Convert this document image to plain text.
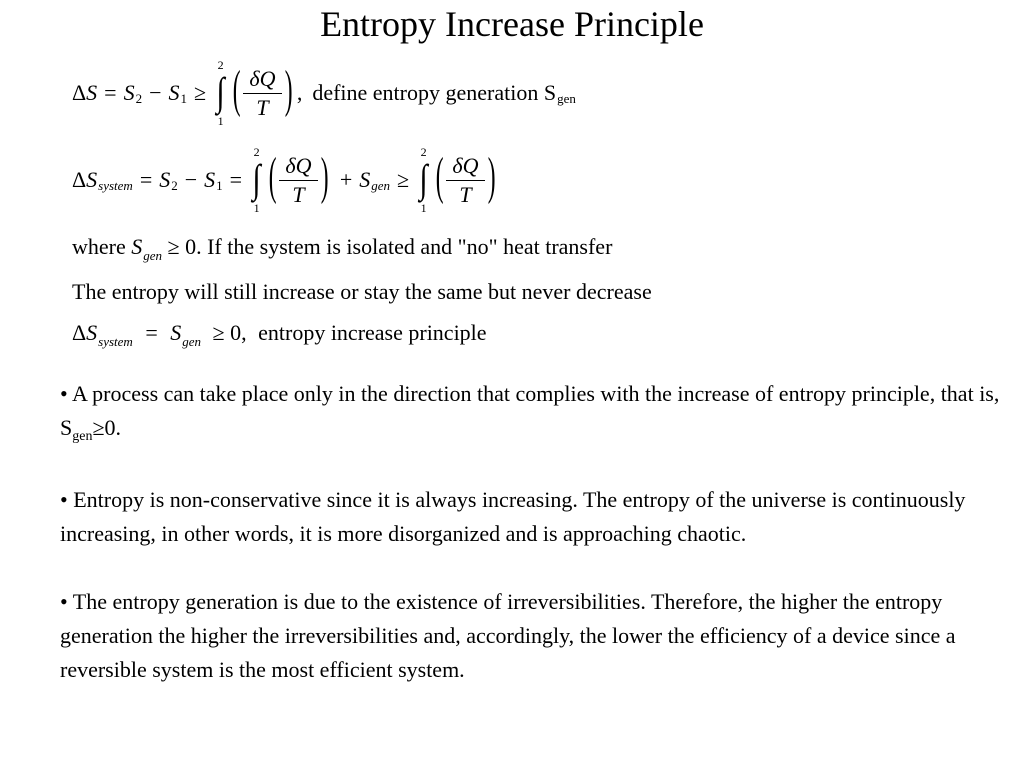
Entropy Increase Principle
Δ S = S 2 − S 1 ≥
2
∫
1
( $\frac{\delta Q}{T}$ ) , define entropy generation S gen
Δ S system = S 2 − S 1 =
2
∫
1
( $\frac{\delta Q}{T}$ ) + S gen ≥
2
∫
1
( $\frac{\delta Q}{T}$ )
where $S_{gen} \ge 0$. If the system is isolated and "no" heat transfer
The entropy will still increase or stay the same but never decrease
$\Delta S_{system} = S_{gen} \ge 0$, entropy increase principle

• A process can take place only in the direction that complies with the increase of entropy principle, that is, $S_{gen}\ge 0$.

• Entropy is non-conservative since it is always increasing. The entropy of the universe is continuously increasing, in other words, it is more disorganized and is approaching chaotic.

• The entropy generation is due to the existence of irreversibilities. Therefore, the higher the entropy generation the higher the irreversibilities and, accordingly, the lower the efficiency of a device since a reversible system is the most efficient system.
